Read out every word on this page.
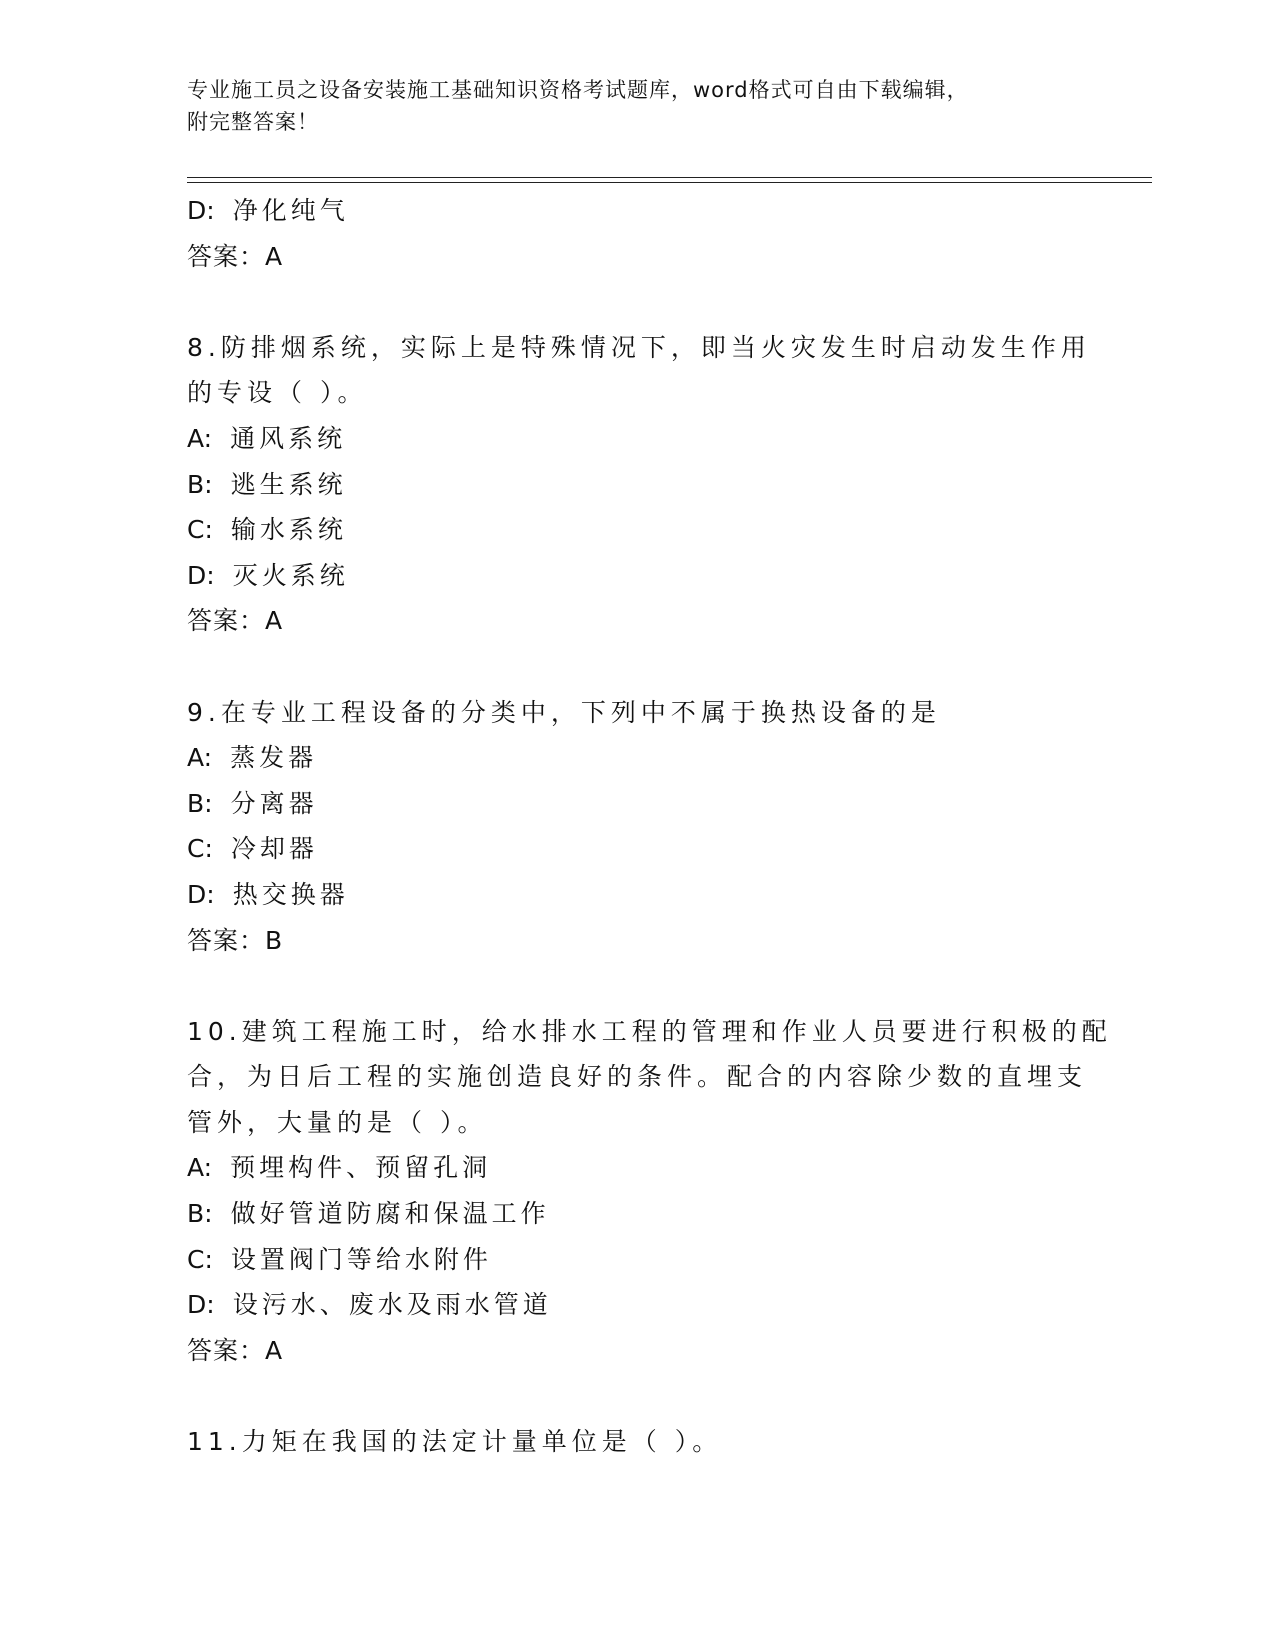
专业施工员之设备安装施工基础知识资格考试题库，word格式可自由下载编辑，
附完整答案！
D: 净化纯气
答案：A
8.防排烟系统，实际上是特殊情况下，即当火灾发生时启动发生作用
的专设（ ）。
A: 通风系统
B: 逃生系统
C: 输水系统
D: 灭火系统
答案：A
9.在专业工程设备的分类中，下列中不属于换热设备的是
A: 蒸发器
B: 分离器
C: 冷却器
D: 热交换器
答案：B
10.建筑工程施工时，给水排水工程的管理和作业人员要进行积极的配
合，为日后工程的实施创造良好的条件。配合的内容除少数的直埋支
管外，大量的是（ ）。
A: 预埋构件、预留孔洞
B: 做好管道防腐和保温工作
C: 设置阀门等给水附件
D: 设污水、废水及雨水管道
答案：A
11.力矩在我国的法定计量单位是（ ）。
